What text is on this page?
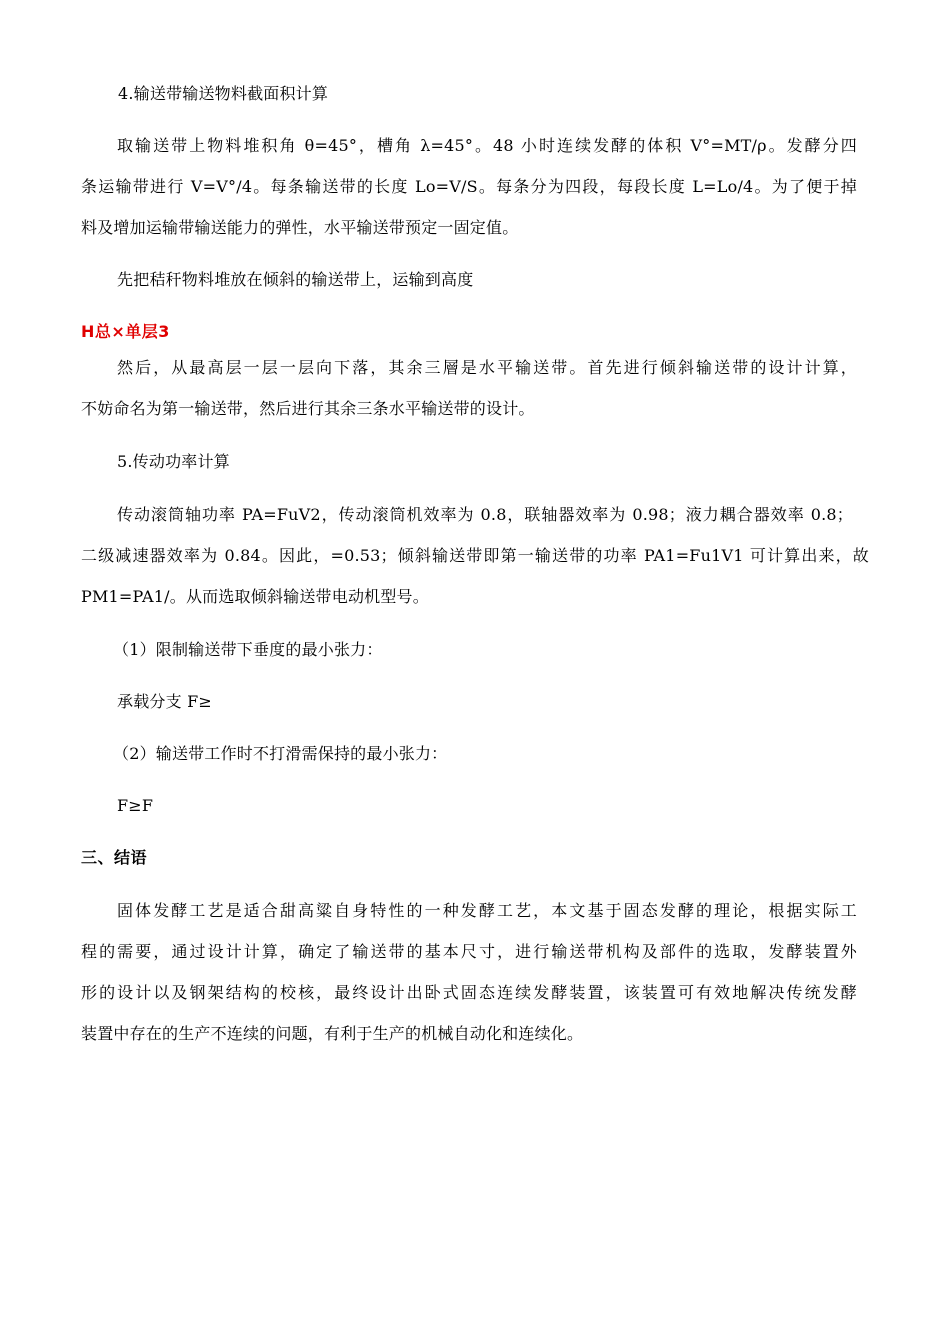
4.输送带输送物料截面积计算
取输送带上物料堆积角 θ=45°，槽角 λ=45°。48 小时连续发酵的体积 V°=MT/ρ。发酵分四
条运输带进行 V=V°/4。每条输送带的长度 Lo=V/S。每条分为四段，每段长度 L=Lo/4。为了便于掉
料及增加运输带输送能力的弹性，水平输送带预定一固定值。
先把秸秆物料堆放在倾斜的输送带上，运输到高度
H总×单层3
然后，从最高层一层一层向下落，其余三層是水平输送带。首先进行倾斜输送带的设计计算，
不妨命名为第一输送带，然后进行其余三条水平输送带的设计。
5.传动功率计算
传动滚筒轴功率 PA=FuV2，传动滚筒机效率为 0.8，联轴器效率为 0.98；液力耦合器效率 0.8；
二级减速器效率为 0.84。因此，=0.53；倾斜输送带即第一输送带的功率 PA1=Fu1V1 可计算出来，故
PM1=PA1/。从而选取倾斜输送带电动机型号。
（1）限制输送带下垂度的最小张力：
承载分支 F≥
（2）输送带工作时不打滑需保持的最小张力：
F≥F
三、结语
固体发酵工艺是适合甜高粱自身特性的一种发酵工艺，本文基于固态发酵的理论，根据实际工
程的需要，通过设计计算，确定了输送带的基本尺寸，进行输送带机构及部件的选取，发酵装置外
形的设计以及钢架结构的校核，最终设计出卧式固态连续发酵装置，该装置可有效地解决传统发酵
装置中存在的生产不连续的问题，有利于生产的机械自动化和连续化。
